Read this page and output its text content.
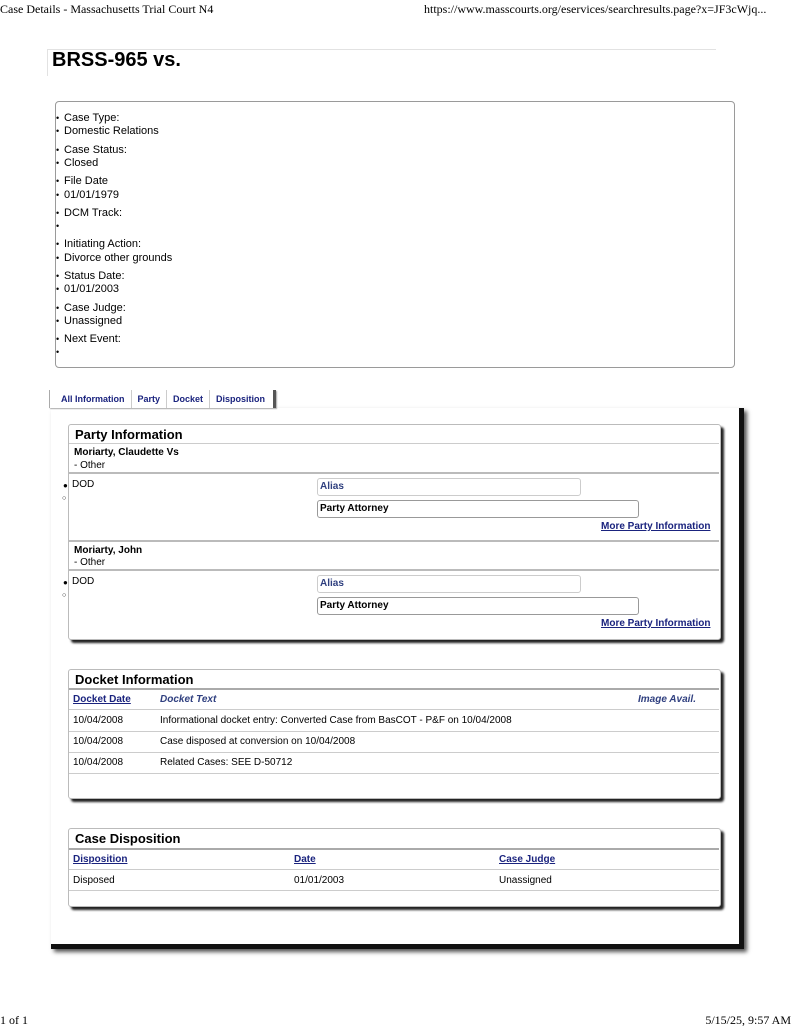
Case Details - Massachusetts Trial Court N4	https://www.masscourts.org/eservices/searchresults.page?x=JF3cWjq...
BRSS-965 vs.
• Case Type:
• Domestic Relations
• Case Status:
• Closed
• File Date
• 01/01/1979
• DCM Track:
•
• Initiating Action:
• Divorce other grounds
• Status Date:
• 01/01/2003
• Case Judge:
• Unassigned
• Next Event:
•
All Information	Party	Docket	Disposition
Party Information
Moriarty, Claudette Vs
- Other
● DOD
○
Alias
Party Attorney
More Party Information
Moriarty, John
- Other
● DOD
○
Alias
Party Attorney
More Party Information
Docket Information
Docket Date	Docket Text	Image Avail.
10/04/2008	Informational docket entry: Converted Case from BasCOT - P&F on 10/04/2008
10/04/2008	Case disposed at conversion on 10/04/2008
10/04/2008	Related Cases: SEE D-50712
Case Disposition
Disposition	Date	Case Judge
Disposed	01/01/2003	Unassigned
1 of 1	5/15/25, 9:57 AM
